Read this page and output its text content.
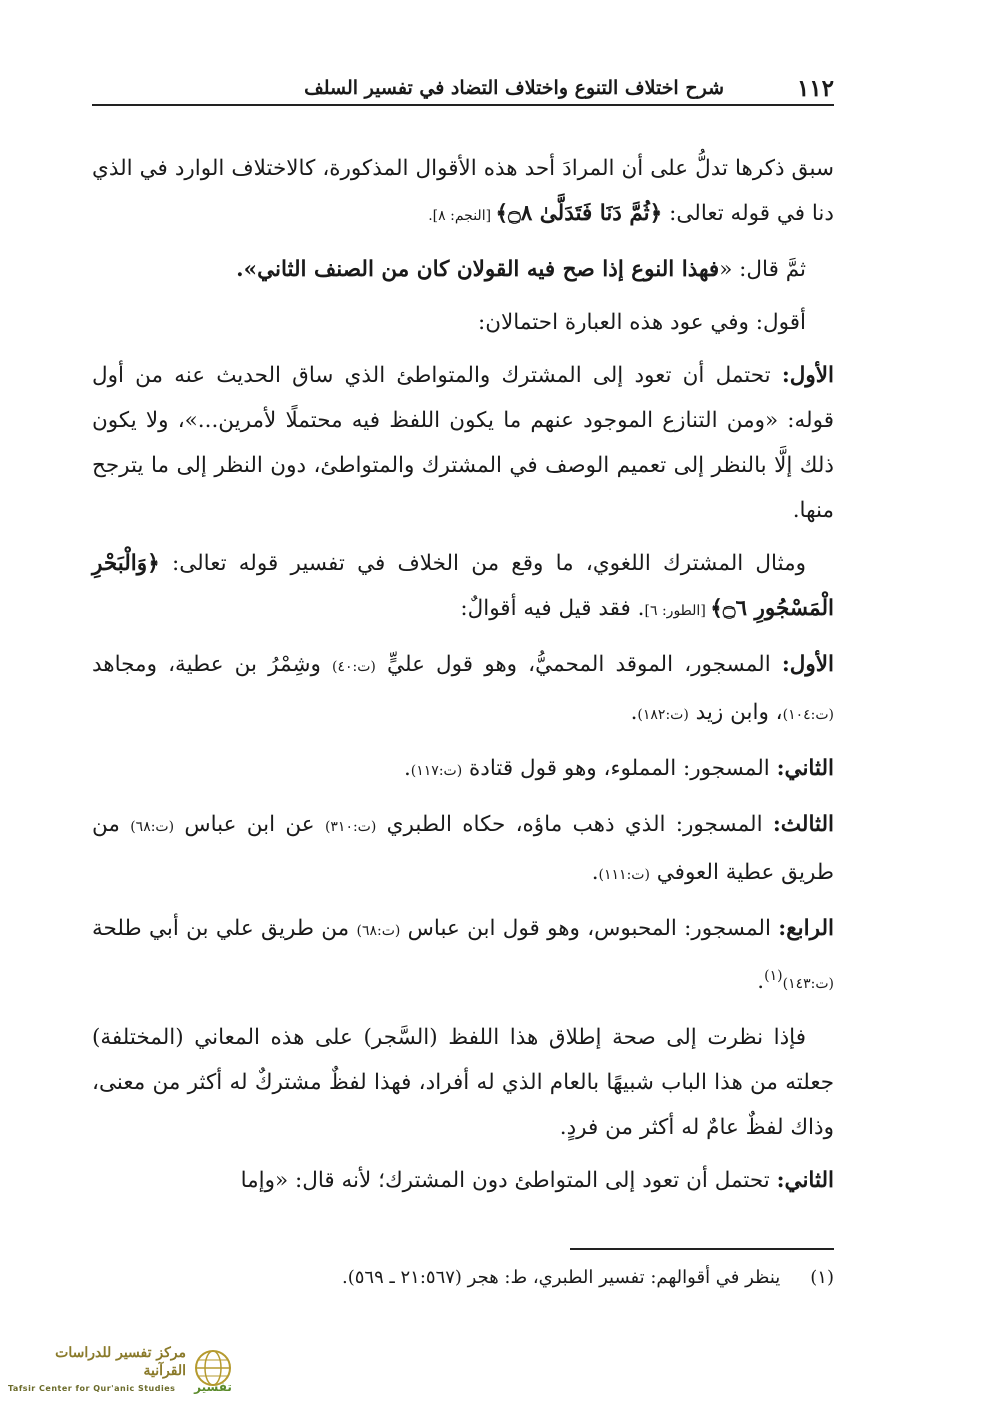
١١٢
شرح اختلاف التنوع واختلاف التضاد في تفسير السلف

سبق ذكرها تدلُّ على أن المرادَ أحد هذه الأقوال المذكورة، كالاختلاف الوارد في الذي دنا في قوله تعالى: ﴿ثُمَّ دَنَا فَتَدَلَّىٰ ۝٨﴾ [النجم: ٨].

ثمَّ قال: «فهذا النوع إذا صح فيه القولان كان من الصنف الثاني».

أقول: وفي عود هذه العبارة احتمالان:

الأول: تحتمل أن تعود إلى المشترك والمتواطئ الذي ساق الحديث عنه من أول قوله: «ومن التنازع الموجود عنهم ما يكون اللفظ فيه محتملًا لأمرين...»، ولا يكون ذلك إلَّا بالنظر إلى تعميم الوصف في المشترك والمتواطئ، دون النظر إلى ما يترجح منها.

ومثال المشترك اللغوي، ما وقع من الخلاف في تفسير قوله تعالى: ﴿وَالْبَحْرِ الْمَسْجُورِ ۝٦﴾ [الطور: ٦]. فقد قيل فيه أقوالٌ:

الأول: المسجور، الموقد المحميُّ، وهو قول عليٍّ (ت:٤٠) وشِمْرُ بن عطية، ومجاهد (ت:١٠٤)، وابن زيد (ت:١٨٢).

الثاني: المسجور: المملوء، وهو قول قتادة (ت:١١٧).

الثالث: المسجور: الذي ذهب ماؤه، حكاه الطبري (ت:٣١٠) عن ابن عباس (ت:٦٨) من طريق عطية العوفي (ت:١١١).

الرابع: المسجور: المحبوس، وهو قول ابن عباس (ت:٦٨) من طريق علي بن أبي طلحة (ت:١٤٣)$^{(١)}$.

فإذا نظرت إلى صحة إطلاق هذا اللفظ (السَّجر) على هذه المعاني (المختلفة) جعلته من هذا الباب شبيهًا بالعام الذي له أفراد، فهذا لفظٌ مشتركٌ له أكثر من معنى، وذاك لفظٌ عامٌ له أكثر من فردٍ.

الثاني: تحتمل أن تعود إلى المتواطئ دون المشترك؛ لأنه قال: «وإما

(١) ينظر في أقوالهم: تفسير الطبري، ط: هجر (٢١:٥٦٧ ـ ٥٦٩).
مركز تفسير للدراسات القرآنية
Tafsir Center for Qur'anic Studies	تفسير
